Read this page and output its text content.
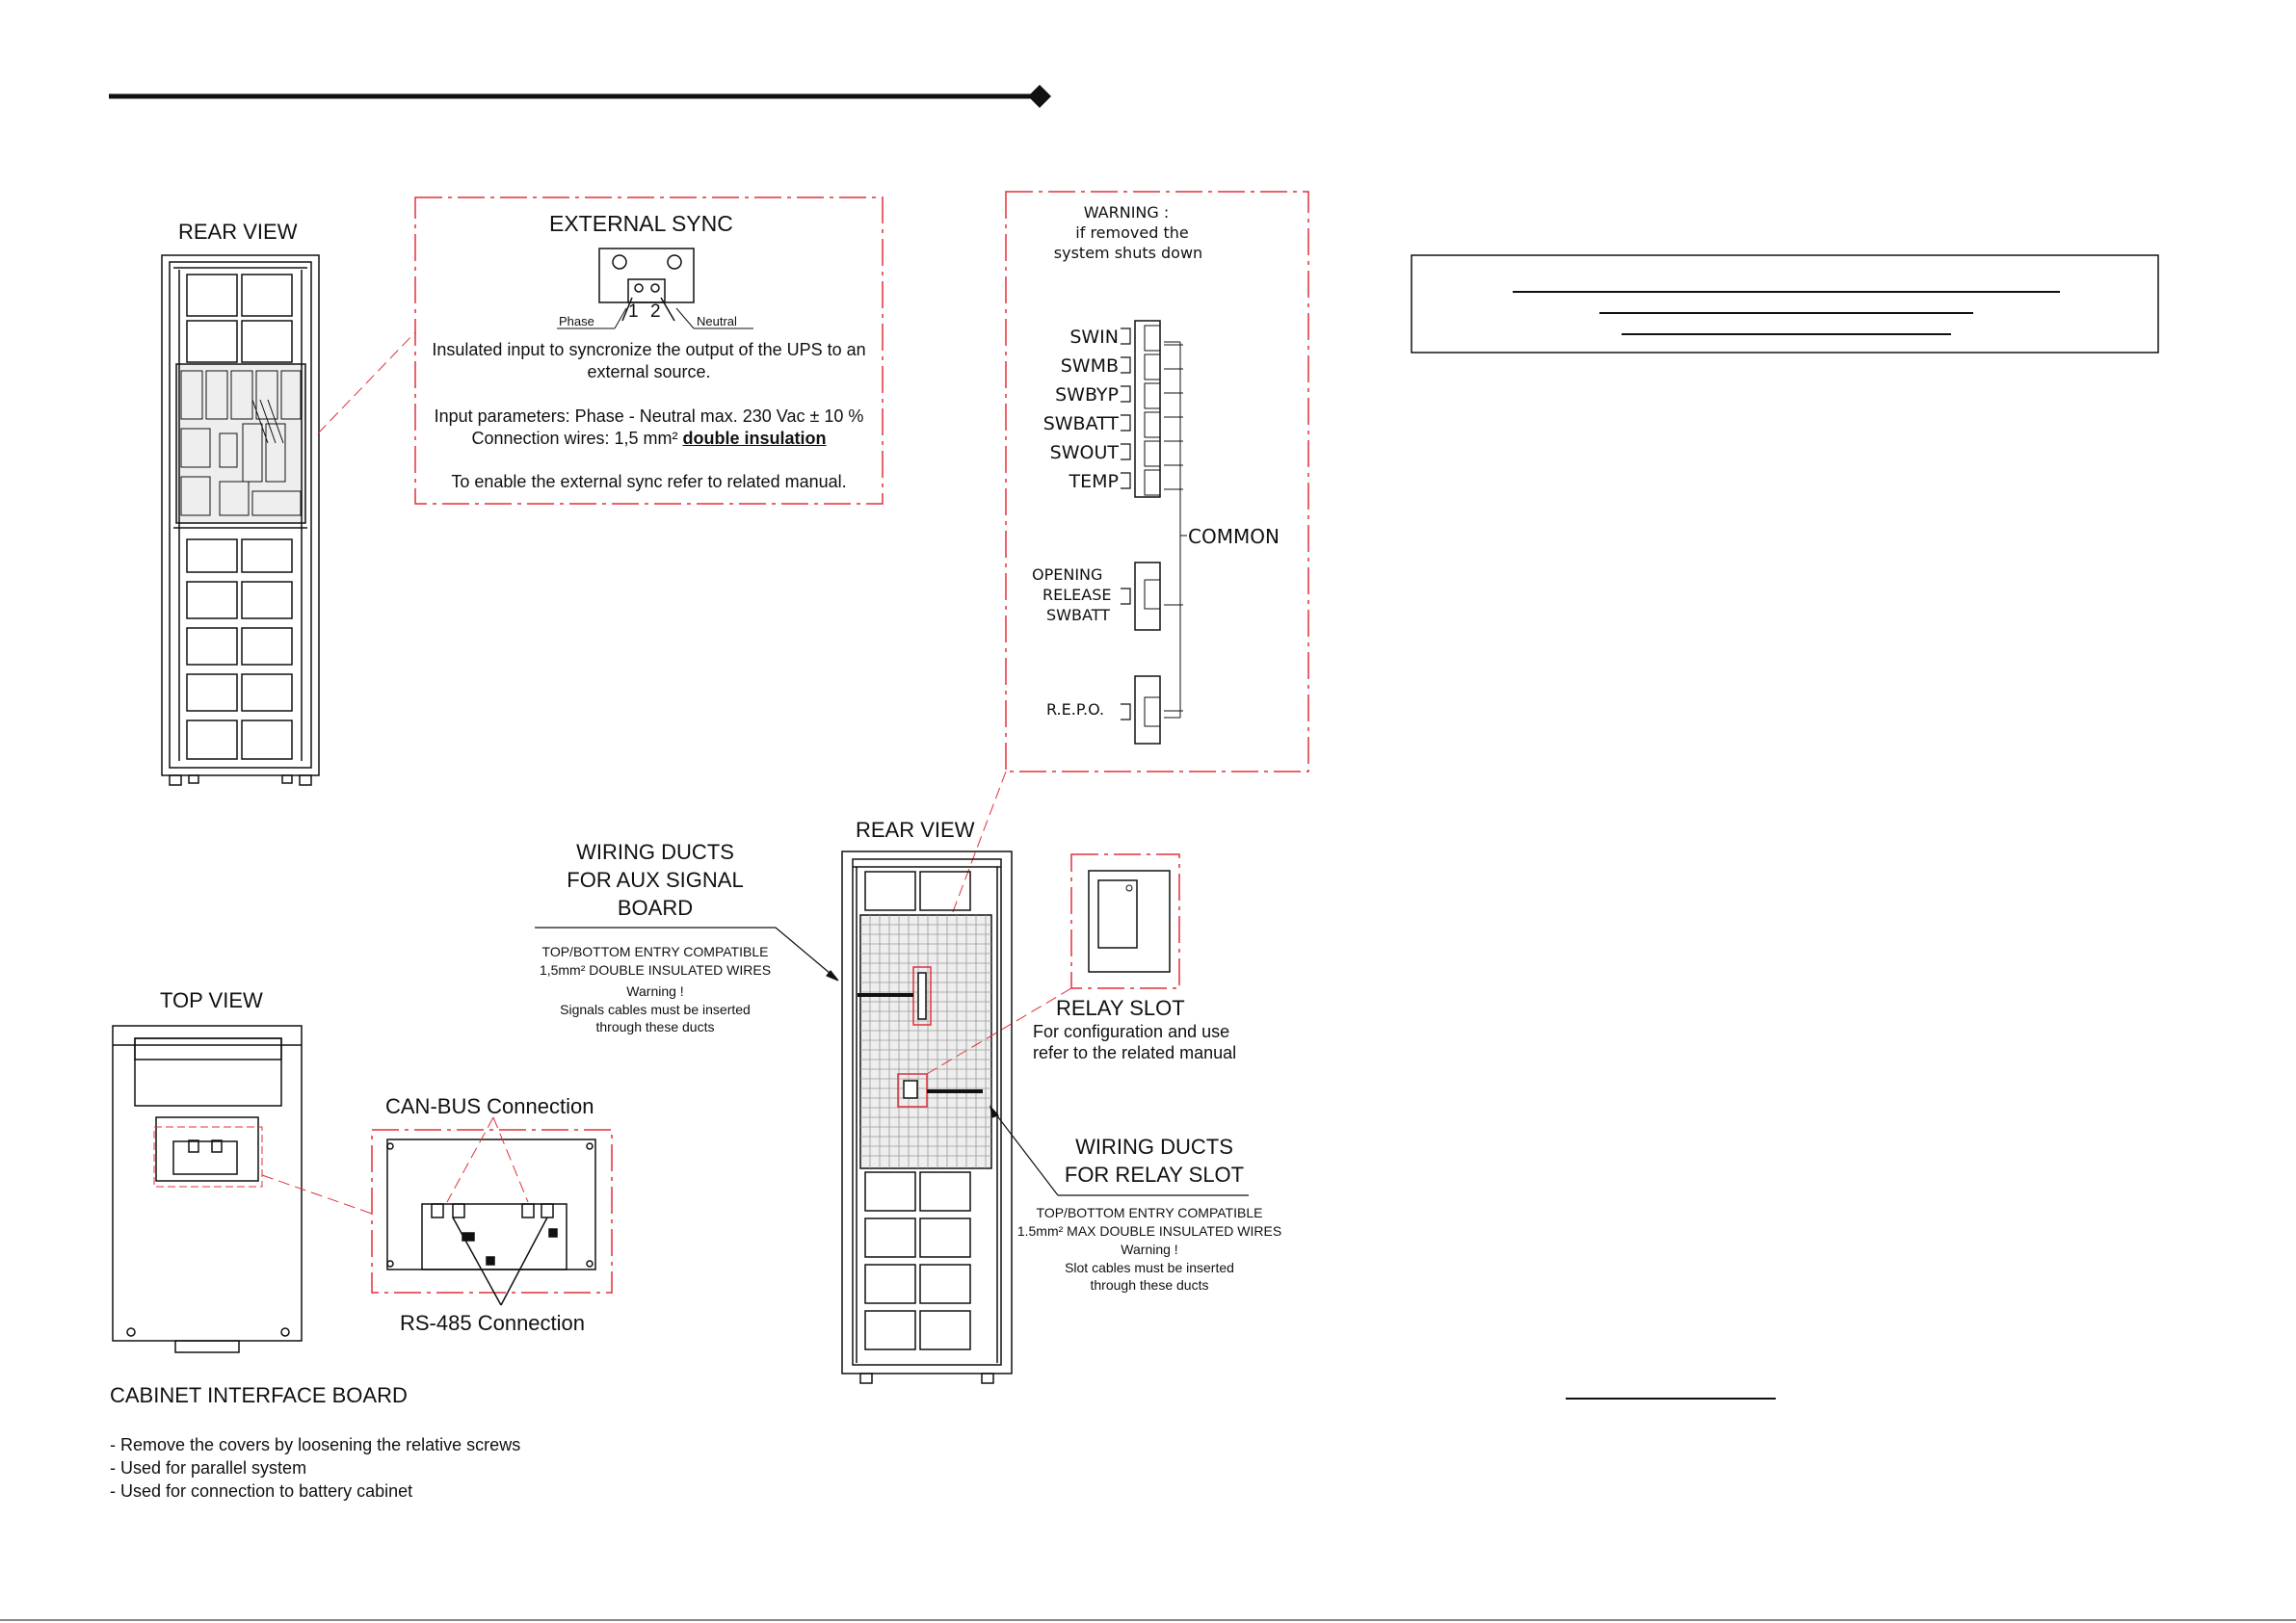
REAR VIEW	EXTERNAL SYNC
Phase	Neutral
1 2
Insulated input to syncronize the output of the UPS to an
external source.
Input parameters: Phase - Neutral max. 230 Vac ± 10 %
Connection wires: 1,5 mm² double insulation
To enable the external sync refer to related manual.
WARNING :
if removed the
system shuts down
SWIN
SWMB
SWBYP
SWBATT
SWOUT
TEMP
COMMON
OPENING
RELEASE
SWBATT
R.E.P.O.
TOP VIEW
CAN-BUS Connection
RS-485 Connection
CABINET INTERFACE BOARD
- Remove the covers by loosening the relative screws
- Used for parallel system
- Used for connection to battery cabinet
WIRING DUCTS
FOR AUX SIGNAL
BOARD
TOP/BOTTOM ENTRY COMPATIBLE
1,5mm² DOUBLE INSULATED WIRES
Warning !
Signals cables must be inserted
through these ducts
REAR VIEW
RELAY SLOT
For configuration and use
refer to the related manual
WIRING DUCTS
FOR RELAY SLOT
TOP/BOTTOM ENTRY COMPATIBLE
1.5mm² MAX DOUBLE INSULATED WIRES
Warning !
Slot cables must be inserted
through these ducts
